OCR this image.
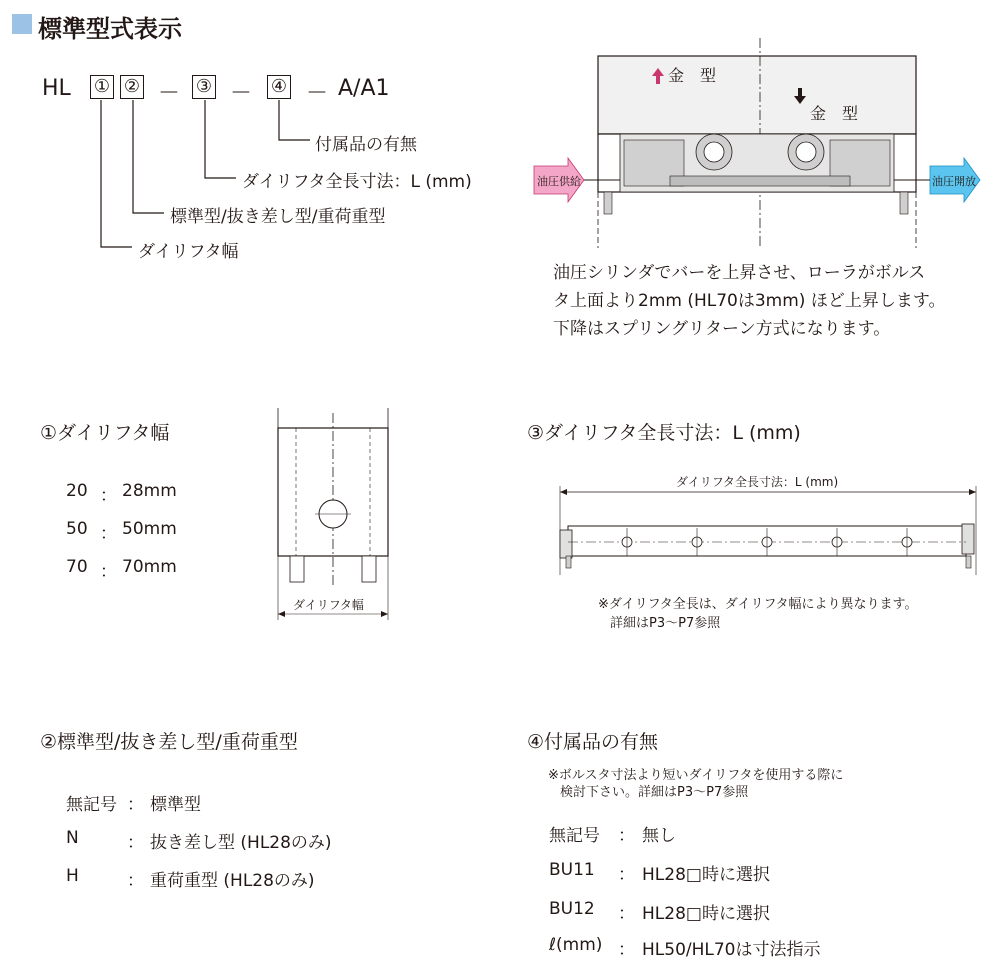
標準型式表示
HL ① ② － ③ － ④ － A/A1
付属品の有無
ダイリフタ全長寸法：L (mm)
標準型/抜き差し型/重荷重型
ダイリフタ幅
金　型
金　型
油圧供給	油圧開放
油圧シリンダでバーを上昇させ、ローラがボルス
タ上面より2mm (HL70は3mm) ほど上昇します。
下降はスプリングリターン方式になります。
①ダイリフタ幅
20 ： 28mm
50 ： 50mm
70 ： 70mm
ダイリフタ幅
③ダイリフタ全長寸法：L (mm)
ダイリフタ全長寸法：L (mm)
※ダイリフタ全長は、ダイリフタ幅により異なります。
詳細はP3～P7参照
②標準型/抜き差し型/重荷重型
無記号 ： 標準型
N	： 抜き差し型 (HL28のみ)
H	： 重荷重型 (HL28のみ)
④付属品の有無
※ボルスタ寸法より短いダイリフタを使用する際に
検討下さい。詳細はP3～P7参照
無記号 ： 無し
BU11 ： HL28□時に選択
BU12 ： HL28□時に選択
ℓ(mm) ： HL50/HL70は寸法指示
